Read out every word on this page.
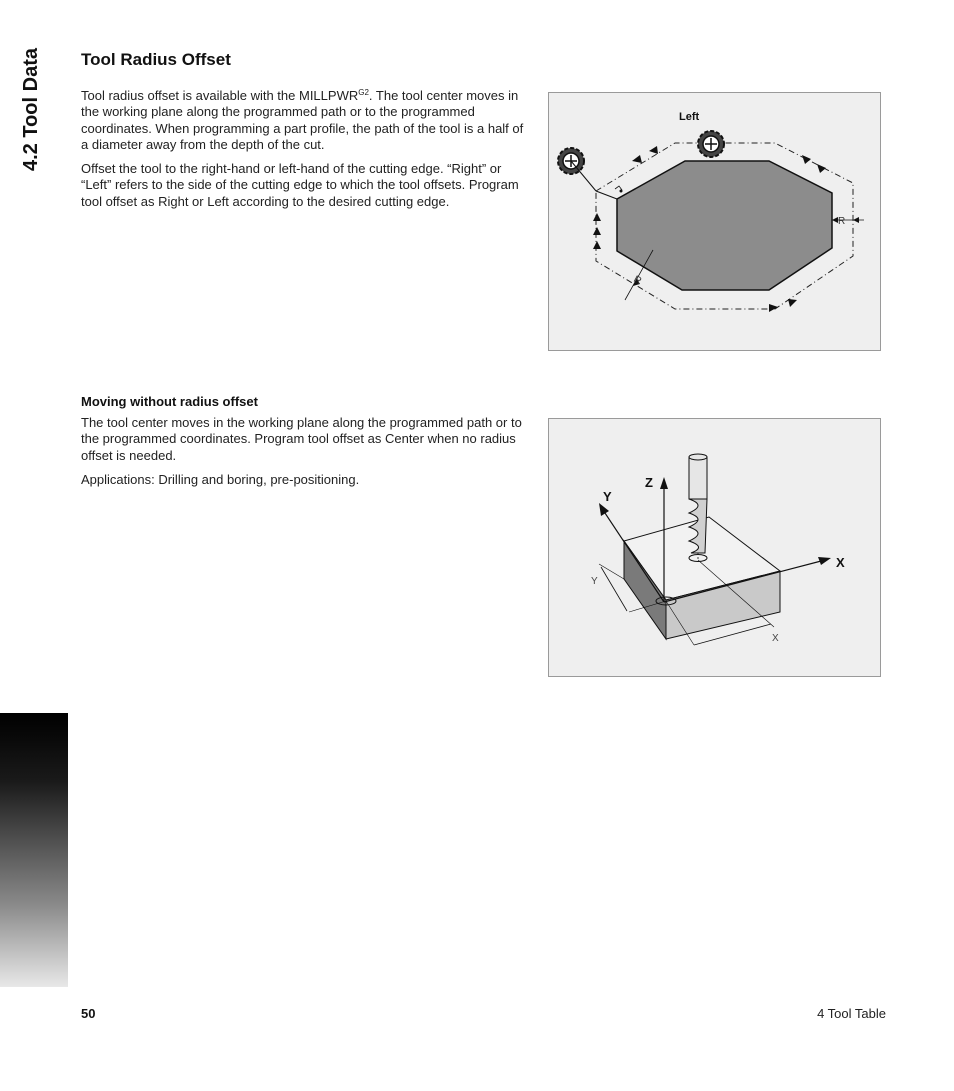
4.2 Tool Data Tool Radius Offset

Tool radius offset is available with the $MILLPWR^{G2}$. The tool center moves in the working plane along the programmed path or to the programmed coordinates. When programming a part profile, the path of the tool is a half of a diameter away from the depth of the cut.

Offset the tool to the right-hand or left-hand of the cutting edge. “Right” or “Left” refers to the side of the cutting edge to which the tool offsets. Program tool offset as Right or Left according to the desired cutting edge.

Moving without radius offset

The tool center moves in the working plane along the programmed path or to the programmed coordinates. Program tool offset as Center when no radius offset is needed.

Applications: Drilling and boring, pre-positioning.

R
R
Left
Z
Y
X
Y
X
50	4 Tool Table
